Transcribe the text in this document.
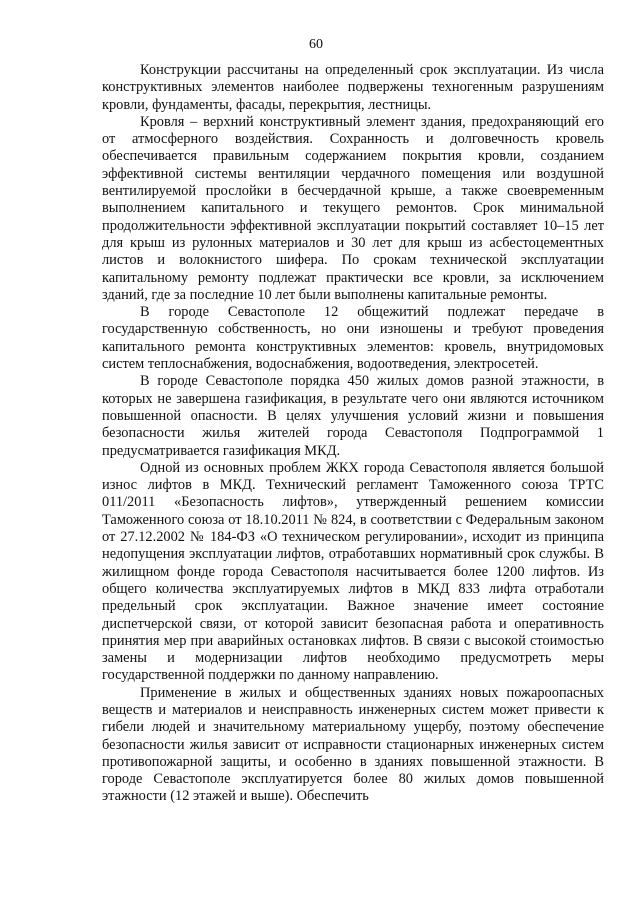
60

Конструкции рассчитаны на определенный срок эксплуатации. Из числа конструктивных элементов наиболее подвержены техногенным разрушениям кровли, фундаменты, фасады, перекрытия, лестницы.

Кровля – верхний конструктивный элемент здания, предохраняющий его от атмосферного воздействия. Сохранность и долговечность кровель обеспечивается правильным содержанием покрытия кровли, созданием эффективной системы вентиляции чердачного помещения или воздушной вентилируемой прослойки в бесчердачной крыше, а также своевременным выполнением капитального и текущего ремонтов. Срок минимальной продолжительности эффективной эксплуатации покрытий составляет 10–15 лет для крыш из рулонных материалов и 30 лет для крыш из асбестоцементных листов и волокнистого шифера. По срокам технической эксплуатации капитальному ремонту подлежат практически все кровли, за исключением зданий, где за последние 10 лет были выполнены капитальные ремонты.

В городе Севастополе 12 общежитий подлежат передаче в государственную собственность, но они изношены и требуют проведения капитального ремонта конструктивных элементов: кровель, внутридомовых систем теплоснабжения, водоснабжения, водоотведения, электросетей.

В городе Севастополе порядка 450 жилых домов разной этажности, в которых не завершена газификация, в результате чего они являются источником повышенной опасности. В целях улучшения условий жизни и повышения безопасности жилья жителей города Севастополя Подпрограммой 1 предусматривается газификация МКД.

Одной из основных проблем ЖКХ города Севастополя является большой износ лифтов в МКД. Технический регламент Таможенного союза ТРТС 011/2011 «Безопасность лифтов», утвержденный решением комиссии Таможенного союза от 18.10.2011 № 824, в соответствии с Федеральным законом от 27.12.2002 № 184-ФЗ «О техническом регулировании», исходит из принципа недопущения эксплуатации лифтов, отработавших нормативный срок службы. В жилищном фонде города Севастополя насчитывается более 1200 лифтов. Из общего количества эксплуатируемых лифтов в МКД 833 лифта отработали предельный срок эксплуатации. Важное значение имеет состояние диспетчерской связи, от которой зависит безопасная работа и оперативность принятия мер при аварийных остановках лифтов. В связи с высокой стоимостью замены и модернизации лифтов необходимо предусмотреть меры государственной поддержки по данному направлению.

Применение в жилых и общественных зданиях новых пожароопасных веществ и материалов и неисправность инженерных систем может привести к гибели людей и значительному материальному ущербу, поэтому обеспечение безопасности жилья зависит от исправности стационарных инженерных систем противопожарной защиты, и особенно в зданиях повышенной этажности. В городе Севастополе эксплуатируется более 80 жилых домов повышенной этажности (12 этажей и выше). Обеспечить
